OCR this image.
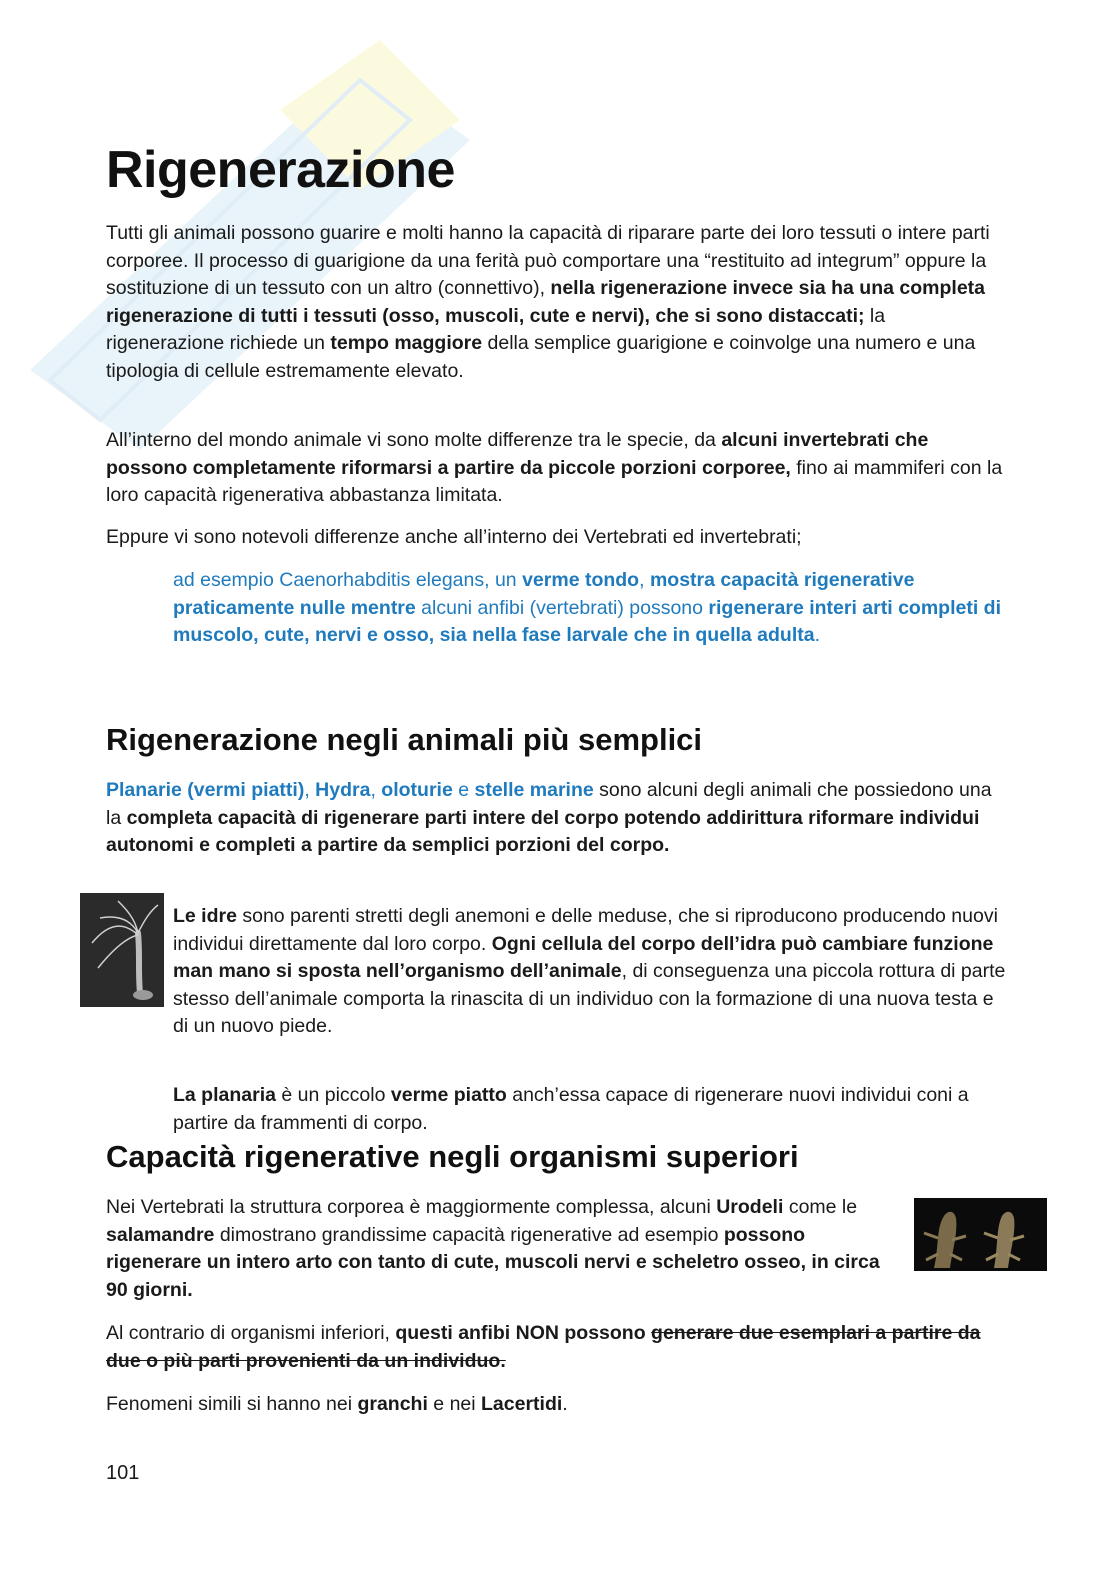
Rigenerazione

Tutti gli animali possono guarire e molti hanno la capacità di riparare parte dei loro tessuti o intere parti corporee. Il processo di guarigione da una ferità può comportare una “restituito ad integrum” oppure la sostituzione di un tessuto con un altro (connettivo), nella rigenerazione invece sia ha una completa rigenerazione di tutti i tessuti (osso, muscoli, cute e nervi), che si sono distaccati; la rigenerazione richiede un tempo maggiore della semplice guarigione e coinvolge una numero e una tipologia di cellule estremamente elevato.

All’interno del mondo animale vi sono molte differenze tra le specie, da alcuni invertebrati che possono completamente riformarsi a partire da piccole porzioni corporee, fino ai mammiferi con la loro capacità rigenerativa abbastanza limitata.

Eppure vi sono notevoli differenze anche all’interno dei Vertebrati ed invertebrati;

ad esempio Caenorhabditis elegans, un verme tondo, mostra capacità rigenerative praticamente nulle mentre alcuni anfibi (vertebrati) possono rigenerare interi arti completi di muscolo, cute, nervi e osso, sia nella fase larvale che in quella adulta.

Rigenerazione negli animali più semplici

Planarie (vermi piatti), Hydra, oloturie e stelle marine sono alcuni degli animali che possiedono una la completa capacità di rigenerare parti intere del corpo potendo addirittura riformare individui autonomi e completi a partire da semplici porzioni del corpo.

Le idre sono parenti stretti degli anemoni e delle meduse, che si riproducono producendo nuovi individui direttamente dal loro corpo. Ogni cellula del corpo dell’idra può cambiare funzione man mano si sposta nell’organismo dell’animale, di conseguenza una piccola rottura di parte stesso dell’animale comporta la rinascita di un individuo con la formazione di una nuova testa e di un nuovo piede.

La planaria è un piccolo verme piatto anch’essa capace di rigenerare nuovi individui coni a partire da frammenti di corpo.

Capacità rigenerative negli organismi superiori

Nei Vertebrati la struttura corporea è maggiormente complessa, alcuni Urodeli come le salamandre dimostrano grandissime capacità rigenerative ad esempio possono rigenerare un intero arto con tanto di cute, muscoli nervi e scheletro osseo, in circa 90 giorni.

Al contrario di organismi inferiori, questi anfibi NON possono generare due esemplari a partire da due o più parti provenienti da un individuo.

Fenomeni simili si hanno nei granchi e nei Lacertidi.

101
